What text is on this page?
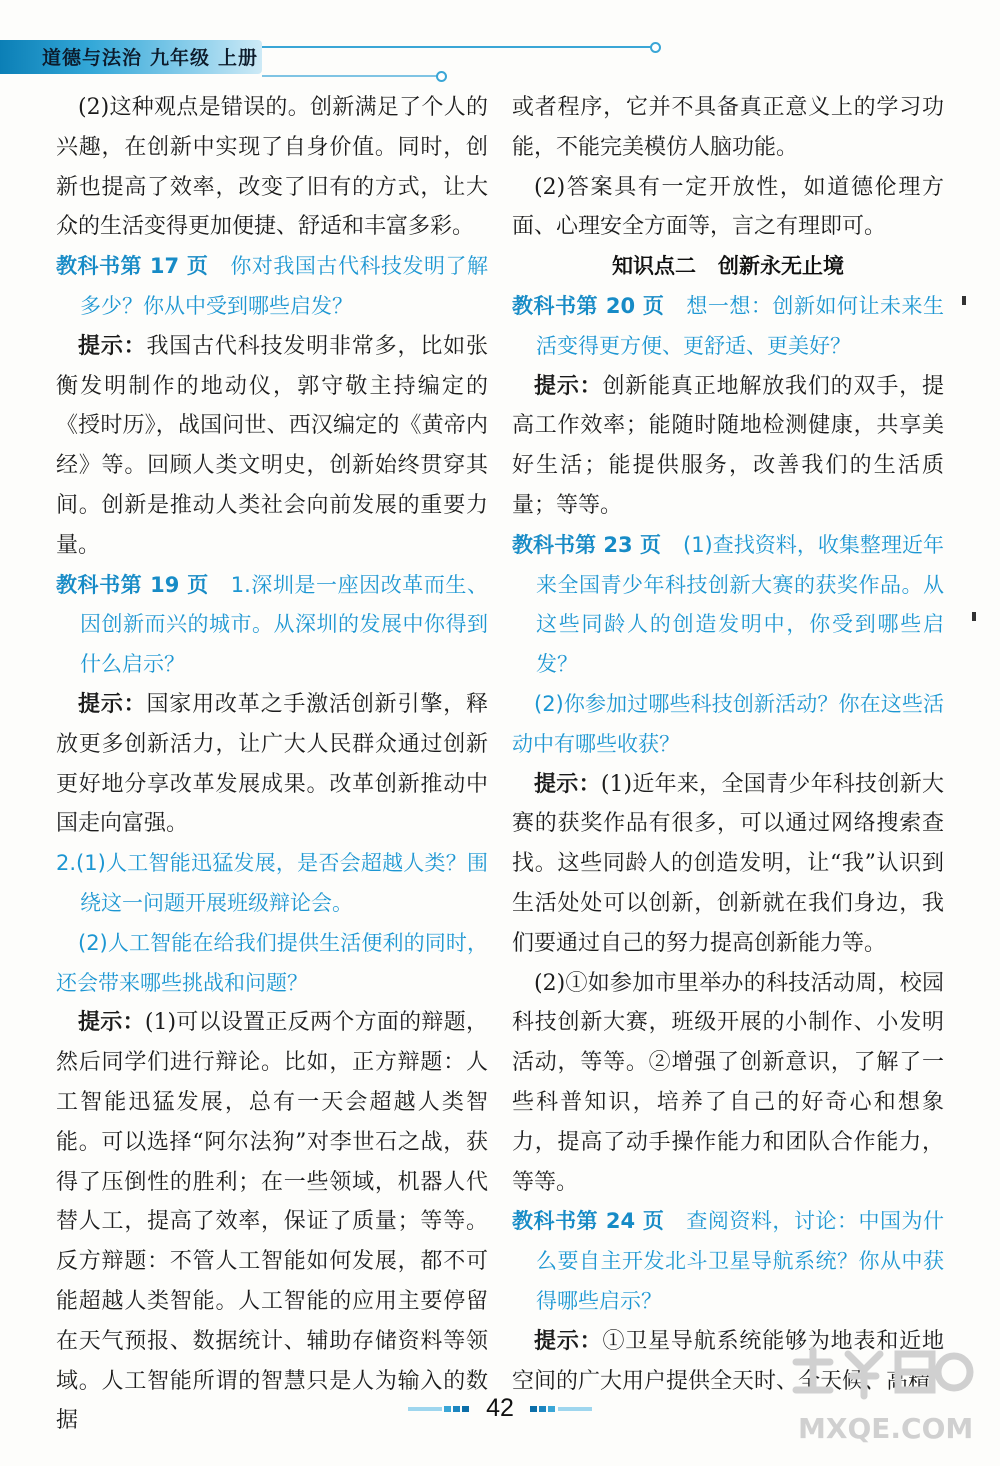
道德与法治 九年级 上册

(2)这种观点是错误的。创新满足了个人的兴趣，在创新中实现了自身价值。同时，创新也提高了效率，改变了旧有的方式，让大众的生活变得更加便捷、舒适和丰富多彩。

教科书第 17 页 你对我国古代科技发明了解多少？你从中受到哪些启发？

提示：我国古代科技发明非常多，比如张衡发明制作的地动仪，郭守敬主持编定的《授时历》，战国问世、西汉编定的《黄帝内经》等。回顾人类文明史，创新始终贯穿其间。创新是推动人类社会向前发展的重要力量。

教科书第 19 页 1.深圳是一座因改革而生、因创新而兴的城市。从深圳的发展中你得到什么启示？

提示：国家用改革之手激活创新引擎，释放更多创新活力，让广大人民群众通过创新更好地分享改革发展成果。改革创新推动中国走向富强。

2.(1)人工智能迅猛发展，是否会超越人类？围绕这一问题开展班级辩论会。

(2)人工智能在给我们提供生活便利的同时，还会带来哪些挑战和问题？

提示：(1)可以设置正反两个方面的辩题，然后同学们进行辩论。比如，正方辩题：人工智能迅猛发展，总有一天会超越人类智能。可以选择“阿尔法狗”对李世石之战，获得了压倒性的胜利；在一些领域，机器人代替人工，提高了效率，保证了质量；等等。反方辩题：不管人工智能如何发展，都不可能超越人类智能。人工智能的应用主要停留在天气预报、数据统计、辅助存储资料等领域。人工智能所谓的智慧只是人为输入的数据

或者程序，它并不具备真正意义上的学习功能，不能完美模仿人脑功能。

(2)答案具有一定开放性，如道德伦理方面、心理安全方面等，言之有理即可。

知识点二 创新永无止境

教科书第 20 页 想一想：创新如何让未来生活变得更方便、更舒适、更美好？

提示：创新能真正地解放我们的双手，提高工作效率；能随时随地检测健康，共享美好生活；能提供服务，改善我们的生活质量；等等。

教科书第 23 页 (1)查找资料，收集整理近年来全国青少年科技创新大赛的获奖作品。从这些同龄人的创造发明中，你受到哪些启发？

(2)你参加过哪些科技创新活动？你在这些活动中有哪些收获？

提示：(1)近年来，全国青少年科技创新大赛的获奖作品有很多，可以通过网络搜索查找。这些同龄人的创造发明，让“我”认识到生活处处可以创新，创新就在我们身边，我们要通过自己的努力提高创新能力等。

(2)①如参加市里举办的科技活动周，校园科技创新大赛，班级开展的小制作、小发明活动，等等。②增强了创新意识，了解了一些科普知识，培养了自己的好奇心和想象力，提高了动手操作能力和团队合作能力，等等。

教科书第 24 页 查阅资料，讨论：中国为什么要自主开发北斗卫星导航系统？你从中获得哪些启示？

提示：①卫星导航系统能够为地表和近地空间的广大用户提供全天时、全天候、高精

42
MXQE.COM
